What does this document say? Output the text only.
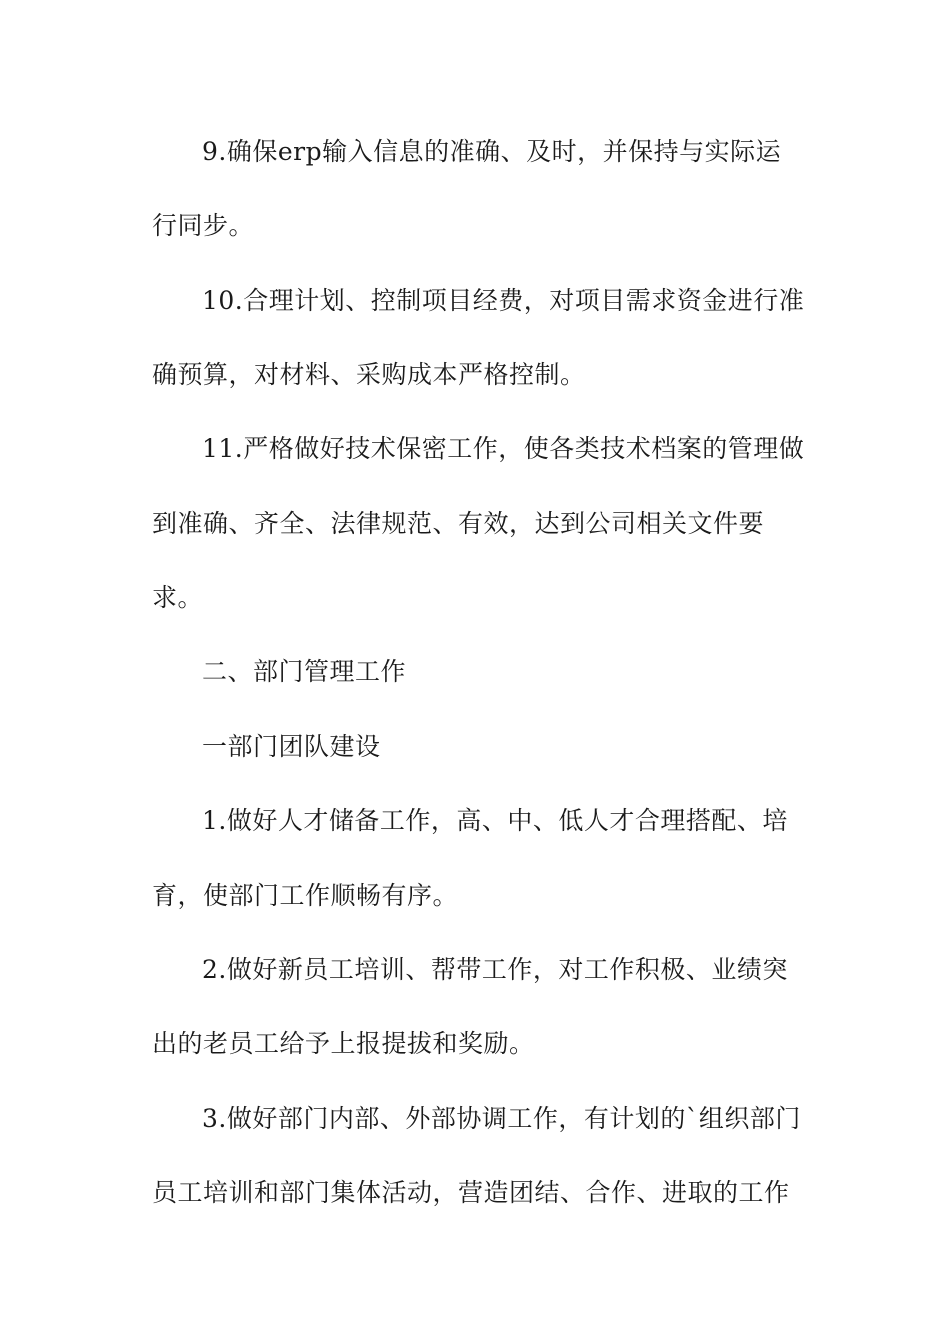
9.确保erp输入信息的准确、及时，并保持与实际运
行同步。
10.合理计划、控制项目经费，对项目需求资金进行准
确预算，对材料、采购成本严格控制。
11.严格做好技术保密工作，使各类技术档案的管理做
到准确、齐全、法律规范、有效，达到公司相关文件要
求。
二、部门管理工作
一部门团队建设
1.做好人才储备工作，高、中、低人才合理搭配、培
育，使部门工作顺畅有序。
2.做好新员工培训、帮带工作，对工作积极、业绩突
出的老员工给予上报提拔和奖励。
3.做好部门内部、外部协调工作，有计划的`组织部门
员工培训和部门集体活动，营造团结、合作、进取的工作
